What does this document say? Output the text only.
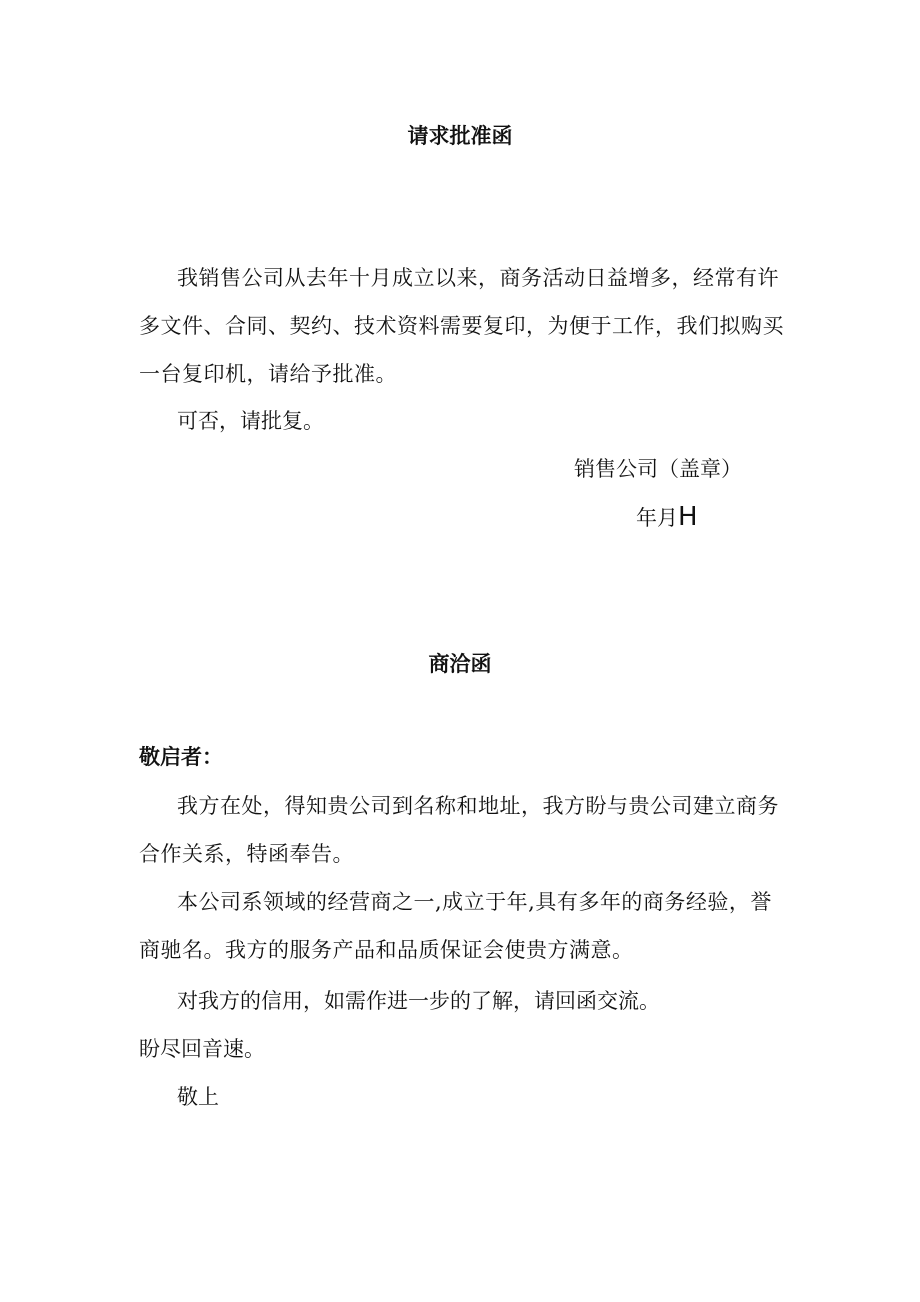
请求批准函

我销售公司从去年十月成立以来，商务活动日益增多，经常有许多文件、合同、契约、技术资料需要复印，为便于工作，我们拟购买一台复印机，请给予批准。

可否，请批复。

销售公司（盖章）

年月H

商洽函

敬启者：

我方在处，得知贵公司到名称和地址，我方盼与贵公司建立商务合作关系，特函奉告。

本公司系领域的经营商之一,成立于年,具有多年的商务经验，誉商驰名。我方的服务产品和品质保证会使贵方满意。

对我方的信用，如需作进一步的了解，请回函交流。

盼尽回音速。

敬上
